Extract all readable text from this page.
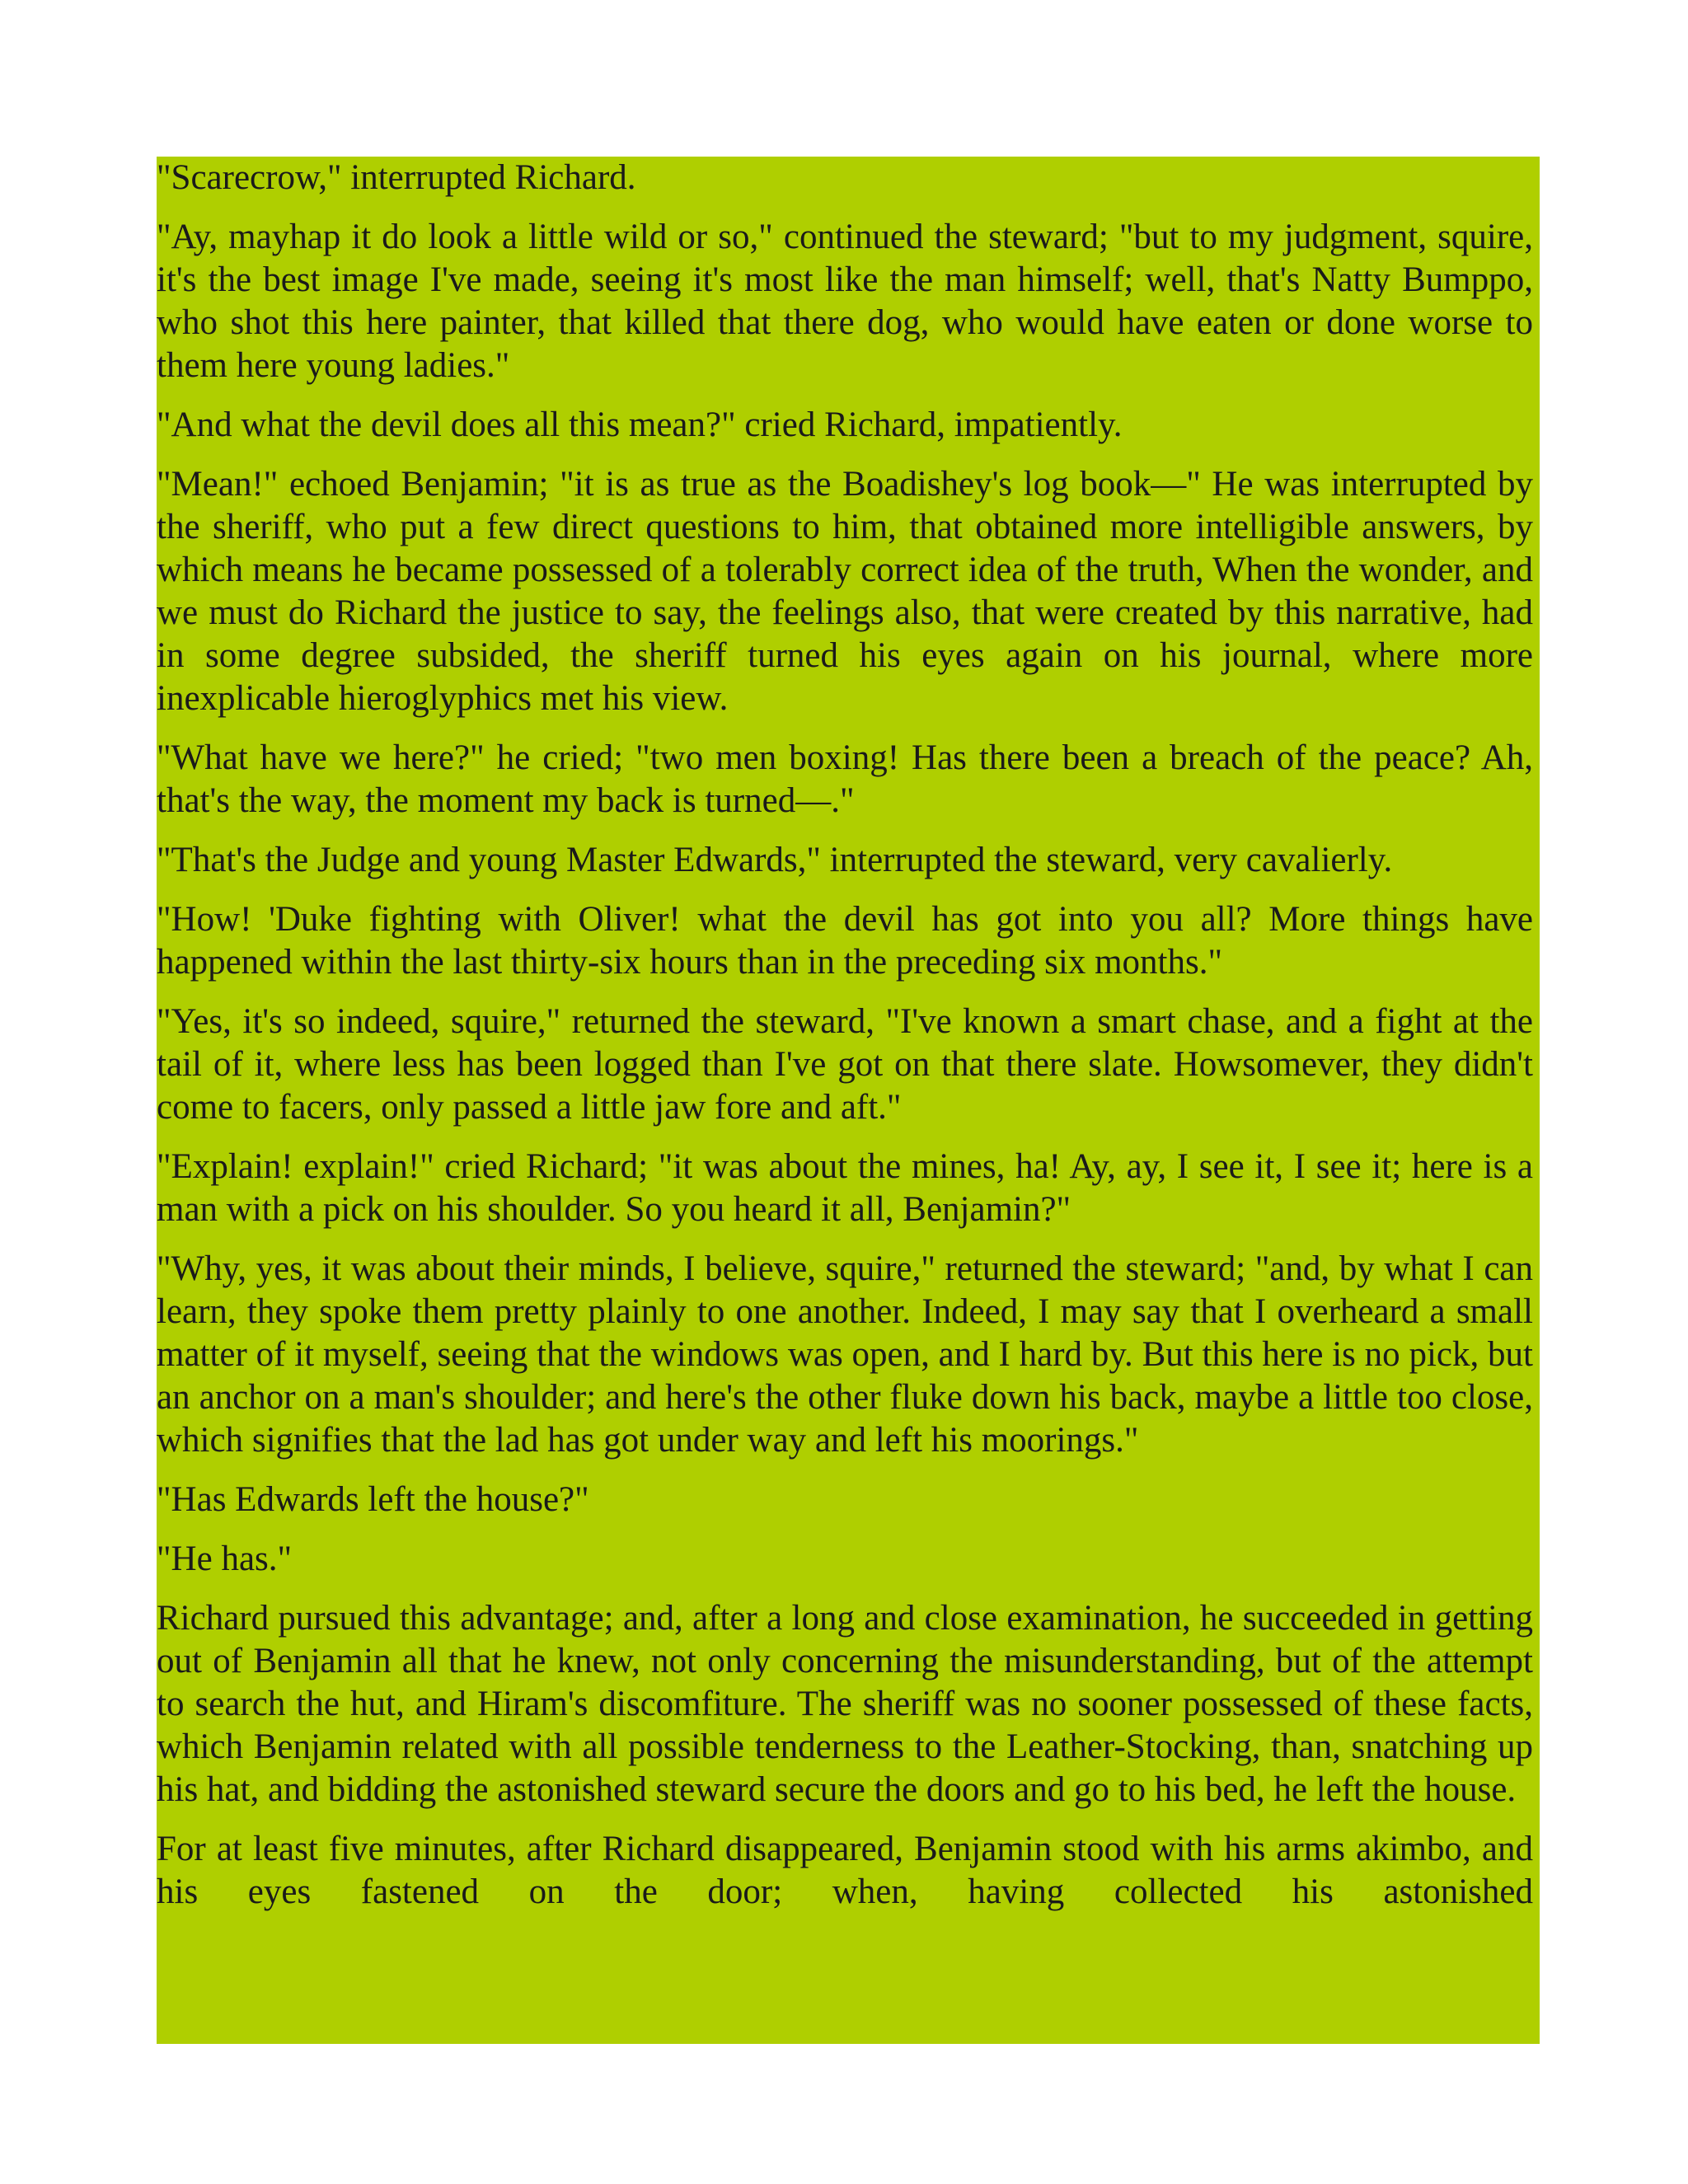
"Scarecrow," interrupted Richard.

"Ay, mayhap it do look a little wild or so," continued the steward; "but to my judgment, squire, it's the best image I've made, seeing it's most like the man himself; well, that's Natty Bumppo, who shot this here painter, that killed that there dog, who would have eaten or done worse to them here young ladies."

"And what the devil does all this mean?" cried Richard, impatiently.

"Mean!" echoed Benjamin; "it is as true as the Boadishey's log book—" He was interrupted by the sheriff, who put a few direct questions to him, that obtained more intelligible answers, by which means he became possessed of a tolerably correct idea of the truth, When the wonder, and we must do Richard the justice to say, the feelings also, that were created by this narrative, had in some degree subsided, the sheriff turned his eyes again on his journal, where more inexplicable hieroglyphics met his view.

"What have we here?" he cried; "two men boxing! Has there been a breach of the peace? Ah, that's the way, the moment my back is turned—."

"That's the Judge and young Master Edwards," interrupted the steward, very cavalierly.

"How! 'Duke fighting with Oliver! what the devil has got into you all? More things have happened within the last thirty-six hours than in the preceding six months."

"Yes, it's so indeed, squire," returned the steward, "I've known a smart chase, and a fight at the tail of it, where less has been logged than I've got on that there slate. Howsomever, they didn't come to facers, only passed a little jaw fore and aft."

"Explain! explain!" cried Richard; "it was about the mines, ha! Ay, ay, I see it, I see it; here is a man with a pick on his shoulder. So you heard it all, Benjamin?"

"Why, yes, it was about their minds, I believe, squire," returned the steward; "and, by what I can learn, they spoke them pretty plainly to one another. Indeed, I may say that I overheard a small matter of it myself, seeing that the windows was open, and I hard by. But this here is no pick, but an anchor on a man's shoulder; and here's the other fluke down his back, maybe a little too close, which signifies that the lad has got under way and left his moorings."

"Has Edwards left the house?"

"He has."

Richard pursued this advantage; and, after a long and close examination, he succeeded in getting out of Benjamin all that he knew, not only concerning the misunderstanding, but of the attempt to search the hut, and Hiram's discomfiture. The sheriff was no sooner possessed of these facts, which Benjamin related with all possible tenderness to the Leather-Stocking, than, snatching up his hat, and bidding the astonished steward secure the doors and go to his bed, he left the house.

For at least five minutes, after Richard disappeared, Benjamin stood with his arms akimbo, and his eyes fastened on the door; when, having collected his astonished
